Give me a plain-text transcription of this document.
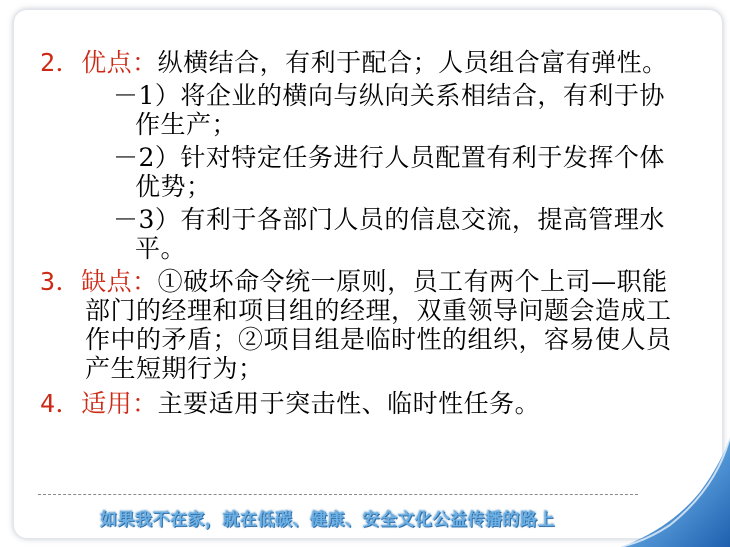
2．优点：纵横结合，有利于配合；人员组合富有弹性。

－1）将企业的横向与纵向关系相结合，有利于协作生产；

－2）针对特定任务进行人员配置有利于发挥个体优势；

－3）有利于各部门人员的信息交流，提高管理水平。

3．缺点：①破坏命令统一原则，员工有两个上司—职能部门的经理和项目组的经理，双重领导问题会造成工作中的矛盾；②项目组是临时性的组织，容易使人员产生短期行为；

4．适用：主要适用于突击性、临时性任务。

如果我不在家，就在低碳、健康、安全文化公益传播的路上
